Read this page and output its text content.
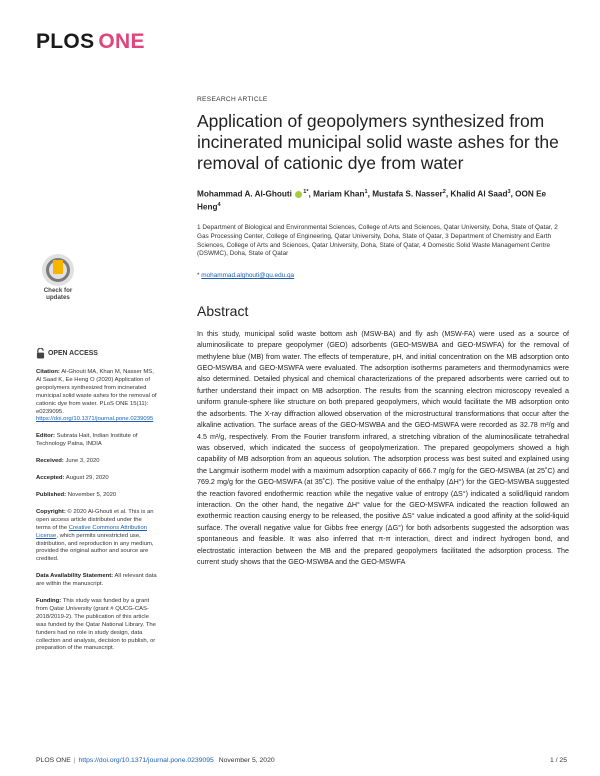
PLOS ONE
Check for updates
OPEN ACCESS

Citation: Al-Ghouti MA, Khan M, Nasser MS, Al Saad K, Ee Heng O (2020) Application of geopolymers synthesized from incinerated municipal solid waste ashes for the removal of cationic dye from water. PLoS ONE 15(11): e0239095. https://doi.org/10.1371/journal.pone.0239095

Editor: Subrata Hait, Indian Institute of Technology Patna, INDIA

Received: June 3, 2020

Accepted: August 29, 2020

Published: November 5, 2020

Copyright: © 2020 Al-Ghouti et al. This is an open access article distributed under the terms of the Creative Commons Attribution License, which permits unrestricted use, distribution, and reproduction in any medium, provided the original author and source are credited.

Data Availability Statement: All relevant data are within the manuscript.

Funding: This study was funded by a grant from Qatar University (grant # QUCG-CAS-2018/2019-2). The publication of this article was funded by the Qatar National Library. The funders had no role in study design, data collection and analysis, decision to publish, or preparation of the manuscript.

RESEARCH ARTICLE
Application of geopolymers synthesized from incinerated municipal solid waste ashes for the removal of cationic dye from water
Mohammad A. Al-Ghouti $^{1*}$, Mariam Khan$^1$, Mustafa S. Nasser$^2$, Khalid Al Saad$^3$, OON Ee Heng$^4$
1 Department of Biological and Environmental Sciences, College of Arts and Sciences, Qatar University, Doha, State of Qatar, 2 Gas Processing Center, College of Engineering, Qatar University, Doha, State of Qatar, 3 Department of Chemistry and Earth Sciences, College of Arts and Sciences, Qatar University, Doha, State of Qatar, 4 Domestic Solid Waste Management Centre (DSWMC), Doha, State of Qatar
* mohammad.alghouti@qu.edu.qa
Abstract
In this study, municipal solid waste bottom ash (MSW-BA) and fly ash (MSW-FA) were used as a source of aluminosilicate to prepare geopolymer (GEO) adsorbents (GEO-MSWBA and GEO-MSWFA) for the removal of methylene blue (MB) from water. The effects of temperature, pH, and initial concentration on the MB adsorption onto GEO-MSWBA and GEO-MSWFA were evaluated. The adsorption isotherms parameters and thermodynamics were also determined. Detailed physical and chemical characterizations of the prepared adsorbents were carried out to further understand their impact on MB adsorption. The results from the scanning electron microscopy revealed a uniform granule-sphere like structure on both prepared geopolymers, which would facilitate the MB adsorption onto the adsorbents. The X-ray diffraction allowed observation of the microstructural transformations that occur after the alkaline activation. The surface areas of the GEO-MSWBA and the GEO-MSWFA were recorded as 32.78 m²/g and 4.5 m²/g, respectively. From the Fourier transform infrared, a stretching vibration of the aluminosilicate tetrahedral was observed, which indicated the success of geopolymerization. The prepared geopolymers showed a high capability of MB adsorption from an aqueous solution. The adsorption process was best suited and explained using the Langmuir isotherm model with a maximum adsorption capacity of 666.7 mg/g for the GEO-MSWBA (at 25˚C) and 769.2 mg/g for the GEO-MSWFA (at 35˚C). The positive value of the enthalpy (ΔH°) for the GEO-MSWBA suggested the reaction favored endothermic reaction while the negative value of entropy (ΔS°) indicated a solid/liquid random interaction. On the other hand, the negative ΔH° value for the GEO-MSWFA indicated the reaction followed an exothermic reaction causing energy to be released, the positive ΔS° value indicated a good affinity at the solid-liquid surface. The overall negative value for Gibbs free energy (ΔG°) for both adsorbents suggested the adsorption was spontaneous and feasible. It was also inferred that π-π interaction, direct and indirect hydrogen bond, and electrostatic interaction between the MB and the prepared geopolymers facilitated the adsorption process. The current study shows that the GEO-MSWBA and the GEO-MSWFA
PLOS ONE | https://doi.org/10.1371/journal.pone.0239095 November 5, 2020	1 / 25
